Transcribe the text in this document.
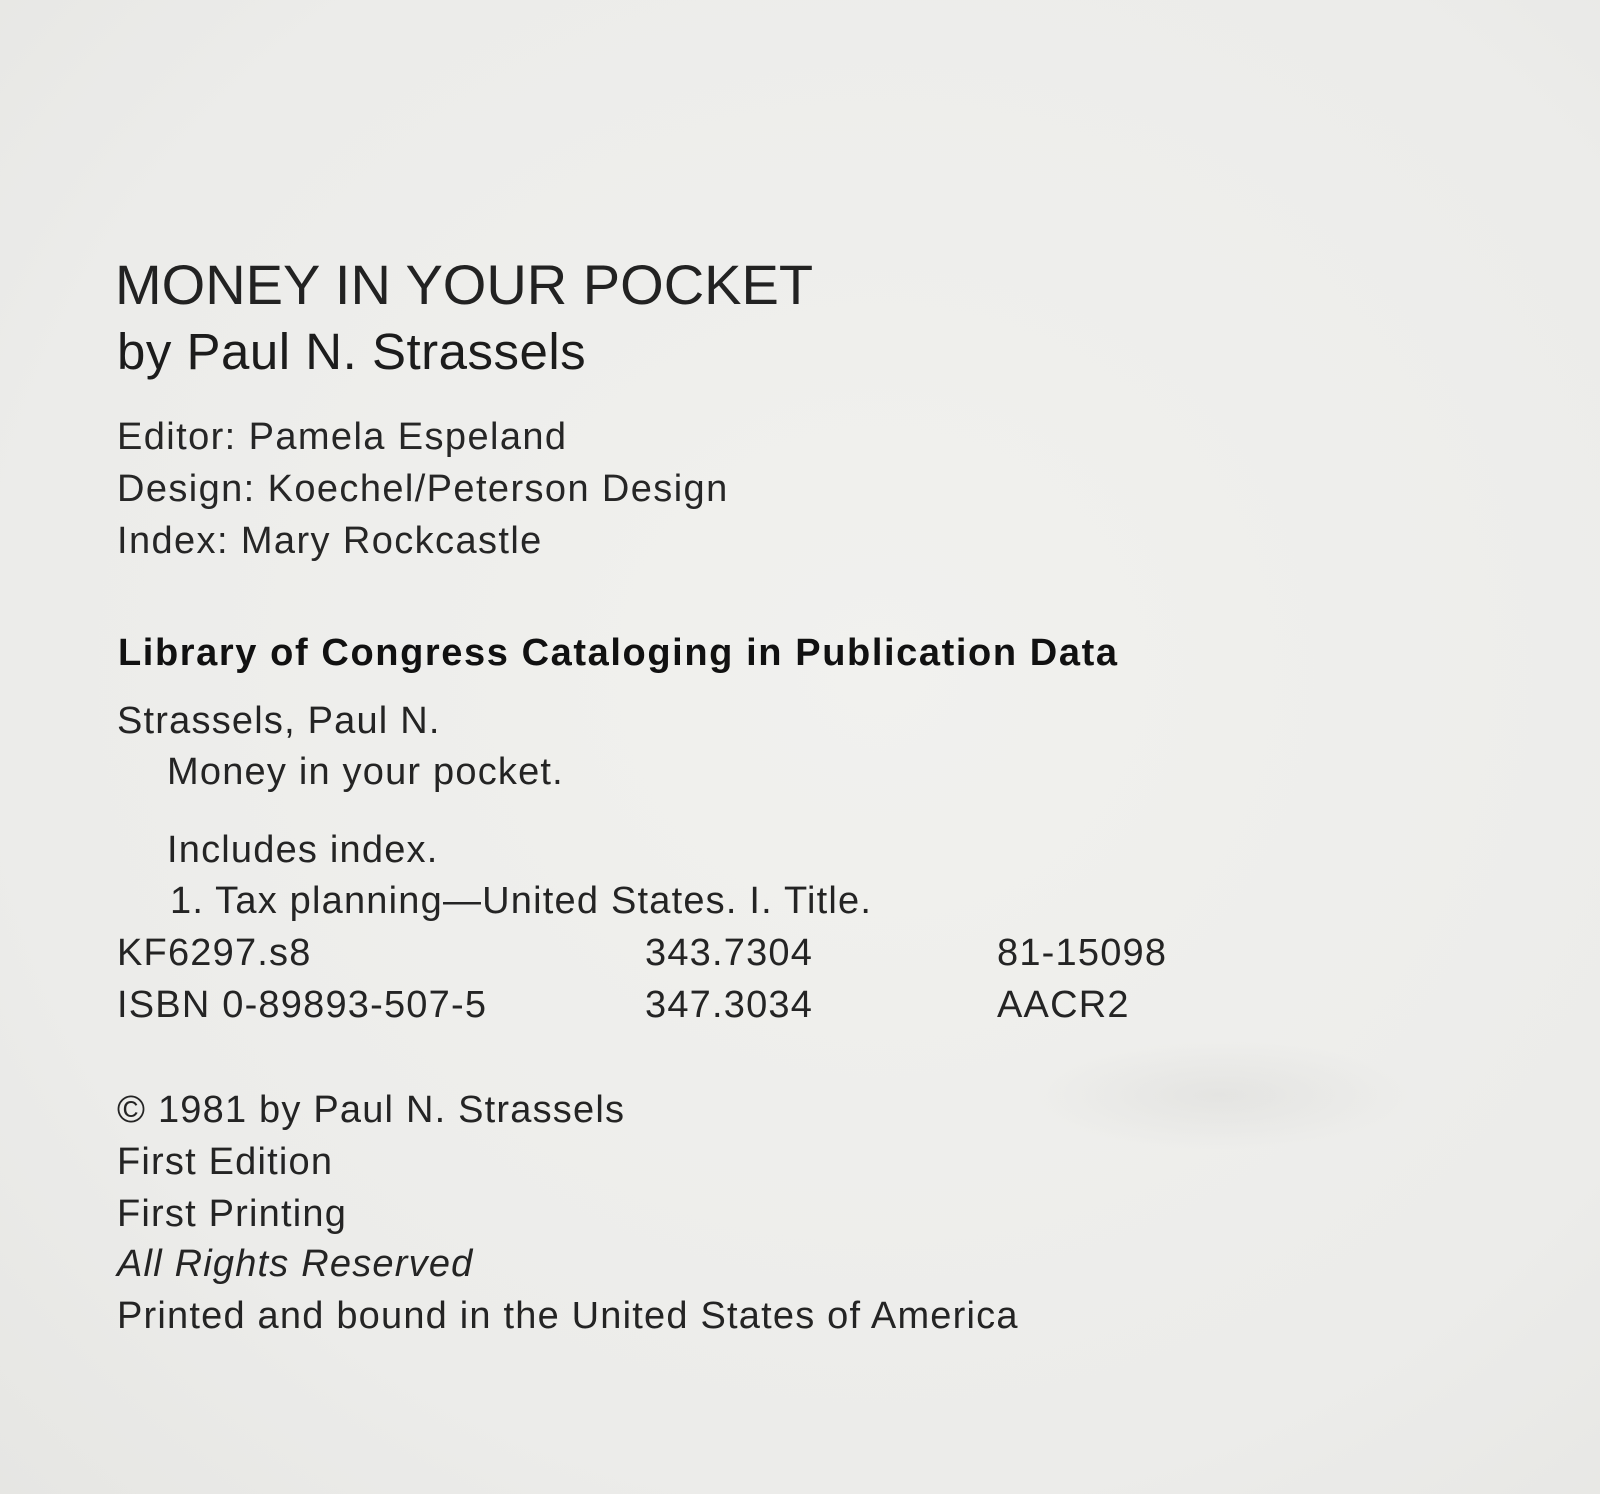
MONEY IN YOUR POCKET
by Paul N. Strassels
Editor: Pamela Espeland
Design: Koechel/Peterson Design
Index: Mary Rockcastle
Library of Congress Cataloging in Publication Data
Strassels, Paul N.
Money in your pocket.
Includes index.
1. Tax planning—United States. I. Title.
KF6297.s8	343.7304	81-15098
ISBN 0-89893-507-5	347.3034	AACR2
© 1981 by Paul N. Strassels
First Edition
First Printing
All Rights Reserved
Printed and bound in the United States of America
